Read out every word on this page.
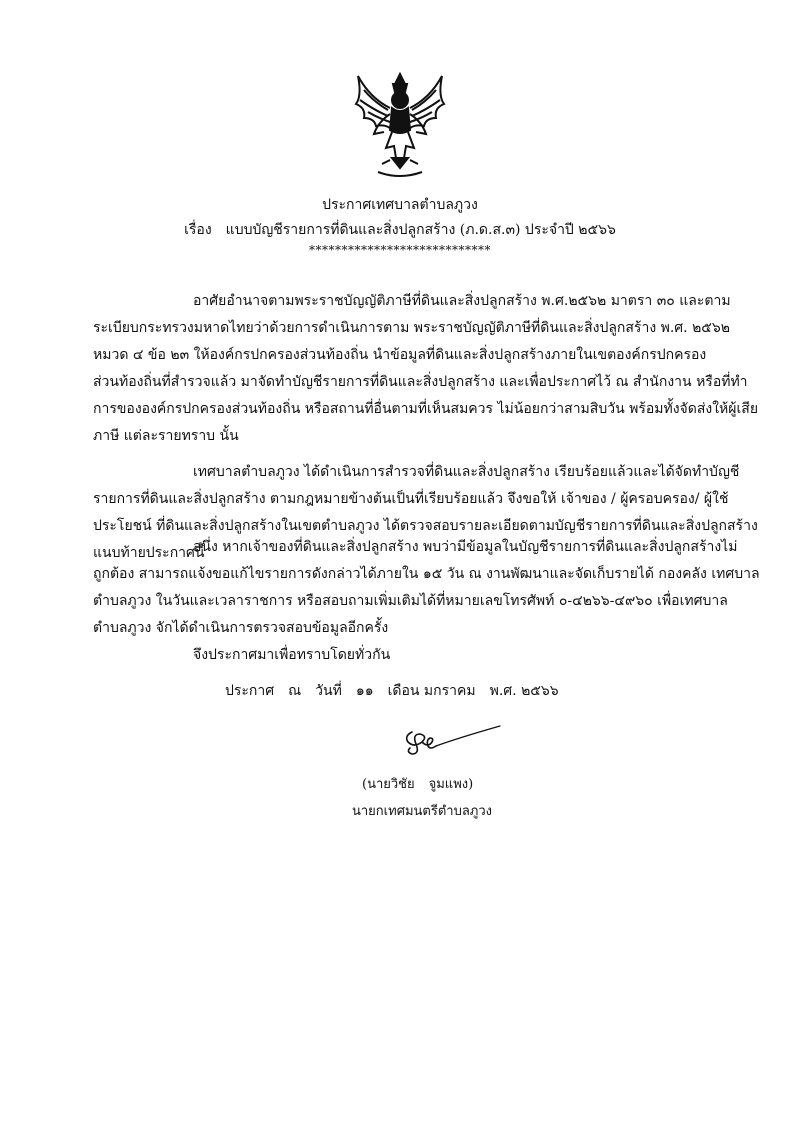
ประกาศเทศบาลตำบลภูวง
เรื่อง แบบบัญชีรายการที่ดินและสิ่งปลูกสร้าง (ภ.ด.ส.๓) ประจำปี ๒๕๖๖
****************************
อาศัยอำนาจตามพระราชบัญญัติภาษีที่ดินและสิ่งปลูกสร้าง พ.ศ.๒๕๖๒ มาตรา ๓๐ และตาม
ระเบียบกระทรวงมหาดไทยว่าด้วยการดำเนินการตาม พระราชบัญญัติภาษีที่ดินและสิ่งปลูกสร้าง พ.ศ. ๒๕๖๒
หมวด ๔ ข้อ ๒๓ ให้องค์กรปกครองส่วนท้องถิ่น นำข้อมูลที่ดินและสิ่งปลูกสร้างภายในเขตองค์กรปกครอง
ส่วนท้องถิ่นที่สำรวจแล้ว มาจัดทำบัญชีรายการที่ดินและสิ่งปลูกสร้าง และเพื่อประกาศไว้ ณ สำนักงาน หรือที่ทำ
การขององค์กรปกครองส่วนท้องถิ่น หรือสถานที่อื่นตามที่เห็นสมควร ไม่น้อยกว่าสามสิบวัน พร้อมทั้งจัดส่งให้ผู้เสีย
ภาษี แต่ละรายทราบ นั้น
เทศบาลตำบลภูวง ได้ดำเนินการสำรวจที่ดินและสิ่งปลูกสร้าง เรียบร้อยแล้วและได้จัดทำบัญชี
รายการที่ดินและสิ่งปลูกสร้าง ตามกฎหมายข้างต้นเป็นที่เรียบร้อยแล้ว จึงขอให้ เจ้าของ / ผู้ครอบครอง/ ผู้ใช้
ประโยชน์ ที่ดินและสิ่งปลูกสร้างในเขตตำบลภูวง ได้ตรวจสอบรายละเอียดตามบัญชีรายการที่ดินและสิ่งปลูกสร้าง
แนบท้ายประกาศนี้
อนึ่ง หากเจ้าของที่ดินและสิ่งปลูกสร้าง พบว่ามีข้อมูลในบัญชีรายการที่ดินและสิ่งปลูกสร้างไม่
ถูกต้อง สามารถแจ้งขอแก้ไขรายการดังกล่าวได้ภายใน ๑๕ วัน ณ งานพัฒนาและจัดเก็บรายได้ กองคลัง เทศบาล
ตำบลภูวง ในวันและเวลาราชการ หรือสอบถามเพิ่มเติมได้ที่หมายเลขโทรศัพท์ ๐-๔๒๖๖-๔๙๖๐ เพื่อเทศบาล
ตำบลภูวง จักได้ดำเนินการตรวจสอบข้อมูลอีกครั้ง
จึงประกาศมาเพื่อทราบโดยทั่วกัน
ประกาศ ณ วันที่ ๑๑ เดือน มกราคม พ.ศ. ๒๕๖๖
(นายวิชัย จูมแพง)
นายกเทศมนตรีตำบลภูวง
